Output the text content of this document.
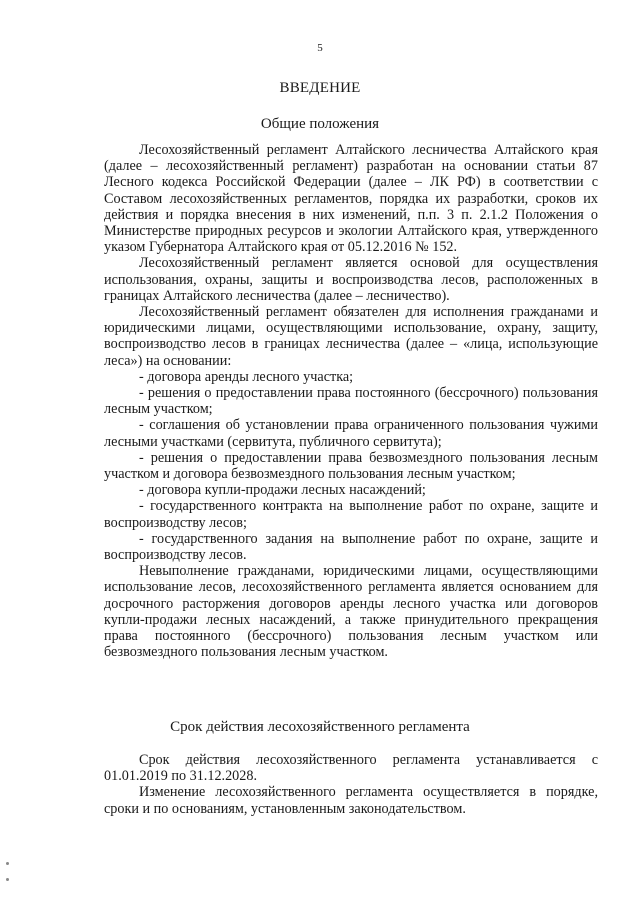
5
ВВЕДЕНИЕ
Общие положения

Лесохозяйственный регламент Алтайского лесничества Алтайского края (далее – лесохозяйственный регламент) разработан на основании статьи 87 Лесного кодекса Российской Федерации (далее – ЛК РФ) в соответствии с Составом лесохозяйственных регламентов, порядка их разработки, сроков их действия и порядка внесения в них изменений, п.п. 3 п. 2.1.2 Положения о Министерстве природных ресурсов и экологии Алтайского края, утвержденного указом Губернатора Алтайского края от 05.12.2016 № 152.

Лесохозяйственный регламент является основой для осуществления использования, охраны, защиты и воспроизводства лесов, расположенных в границах Алтайского лесничества (далее – лесничество).

Лесохозяйственный регламент обязателен для исполнения гражданами и юридическими лицами, осуществляющими использование, охрану, защиту, воспроизводство лесов в границах лесничества (далее – «лица, использующие леса») на основании:

- договора аренды лесного участка;

- решения о предоставлении права постоянного (бессрочного) пользования лесным участком;

- соглашения об установлении права ограниченного пользования чужими лесными участками (сервитута, публичного сервитута);

- решения о предоставлении права безвозмездного пользования лесным участком и договора безвозмездного пользования лесным участком;

- договора купли-продажи лесных насаждений;

- государственного контракта на выполнение работ по охране, защите и воспроизводству лесов;

- государственного задания на выполнение работ по охране, защите и воспроизводству лесов.

Невыполнение гражданами, юридическими лицами, осуществляющими использование лесов, лесохозяйственного регламента является основанием для досрочного расторжения договоров аренды лесного участка или договоров купли-продажи лесных насаждений, а также принудительного прекращения права постоянного (бессрочного) пользования лесным участком или безвозмездного пользования лесным участком.

Срок действия лесохозяйственного регламента

Срок действия лесохозяйственного регламента устанавливается с 01.01.2019 по 31.12.2028.

Изменение лесохозяйственного регламента осуществляется в порядке, сроки и по основаниям, установленным законодательством.
